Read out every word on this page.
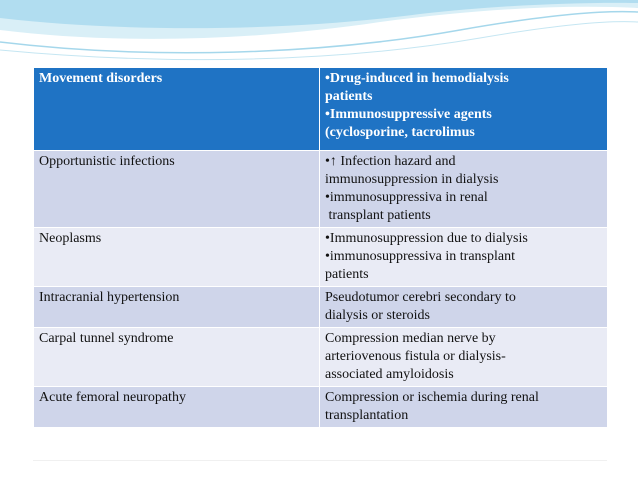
Movement disorders	•Drug-induced in hemodialysis
patients
•Immunosuppressive agents
(cyclosporine, tacrolimus

Opportunistic infections	•↑ Infection hazard and
immunosuppression in dialysis
•immunosuppressiva in renal
transplant patients

Neoplasms	•Immunosuppression due to dialysis
•immunosuppressiva in transplant
patients

Intracranial hypertension	Pseudotumor cerebri secondary to
dialysis or steroids

Carpal tunnel syndrome	Compression median nerve by
arteriovenous fistula or dialysis-
associated amyloidosis

Acute femoral neuropathy	Compression or ischemia during renal
transplantation
